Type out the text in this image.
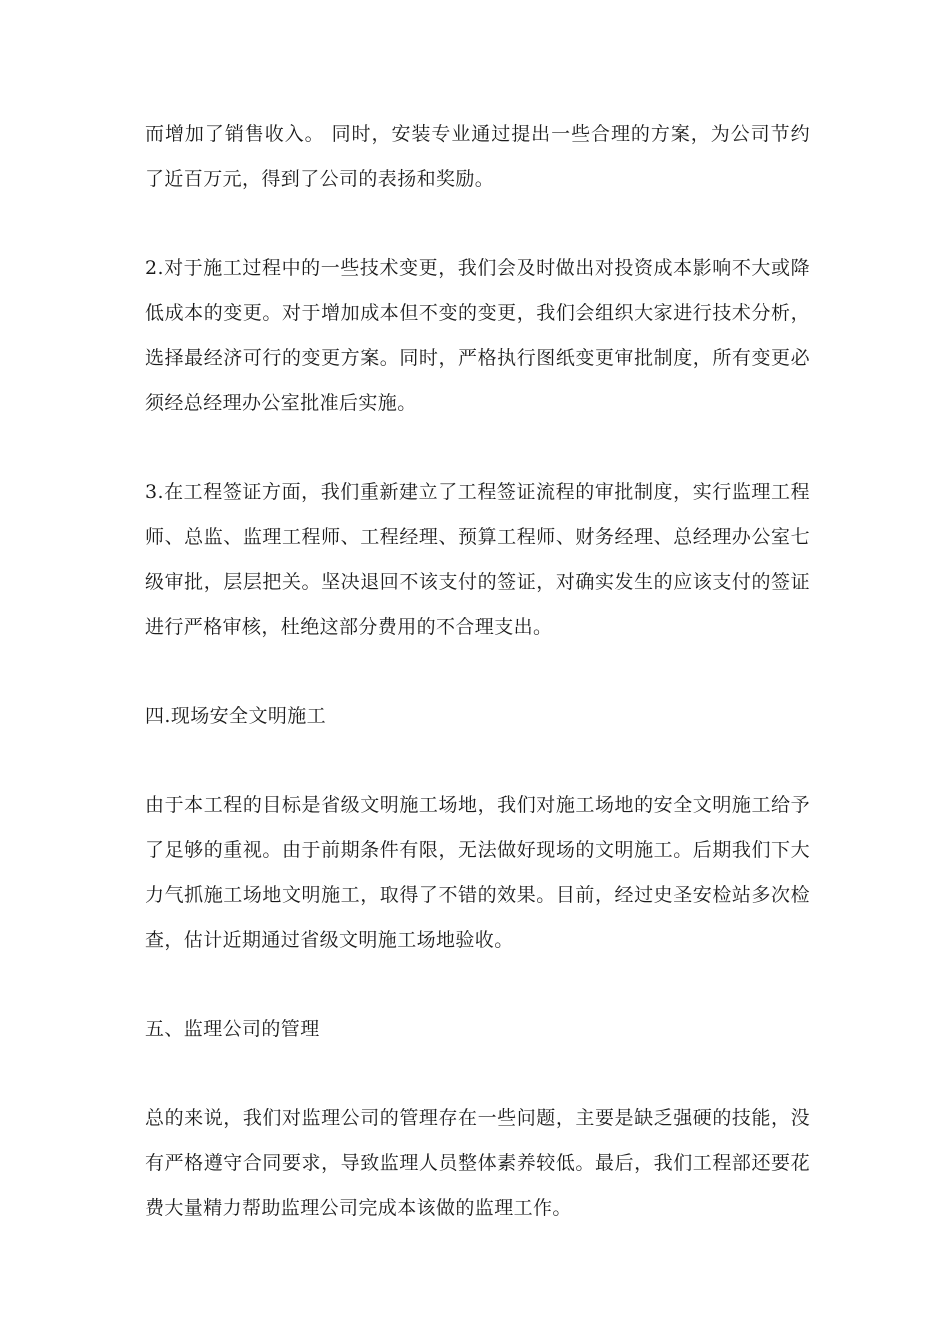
而增加了销售收入。 同时，安装专业通过提出一些合理的方案，为公司节约了近百万元，得到了公司的表扬和奖励。

2.对于施工过程中的一些技术变更，我们会及时做出对投资成本影响不大或降低成本的变更。对于增加成本但不变的变更，我们会组织大家进行技术分析，选择最经济可行的变更方案。同时，严格执行图纸变更审批制度，所有变更必须经总经理办公室批准后实施。

3.在工程签证方面，我们重新建立了工程签证流程的审批制度，实行监理工程师、总监、监理工程师、工程经理、预算工程师、财务经理、总经理办公室七级审批，层层把关。坚决退回不该支付的签证，对确实发生的应该支付的签证进行严格审核，杜绝这部分费用的不合理支出。

四.现场安全文明施工

由于本工程的目标是省级文明施工场地，我们对施工场地的安全文明施工给予了足够的重视。由于前期条件有限，无法做好现场的文明施工。后期我们下大力气抓施工场地文明施工，取得了不错的效果。目前，经过史圣安检站多次检查，估计近期通过省级文明施工场地验收。

五、监理公司的管理

总的来说，我们对监理公司的管理存在一些问题，主要是缺乏强硬的技能，没有严格遵守合同要求，导致监理人员整体素养较低。最后，我们工程部还要花费大量精力帮助监理公司完成本该做的监理工作。
